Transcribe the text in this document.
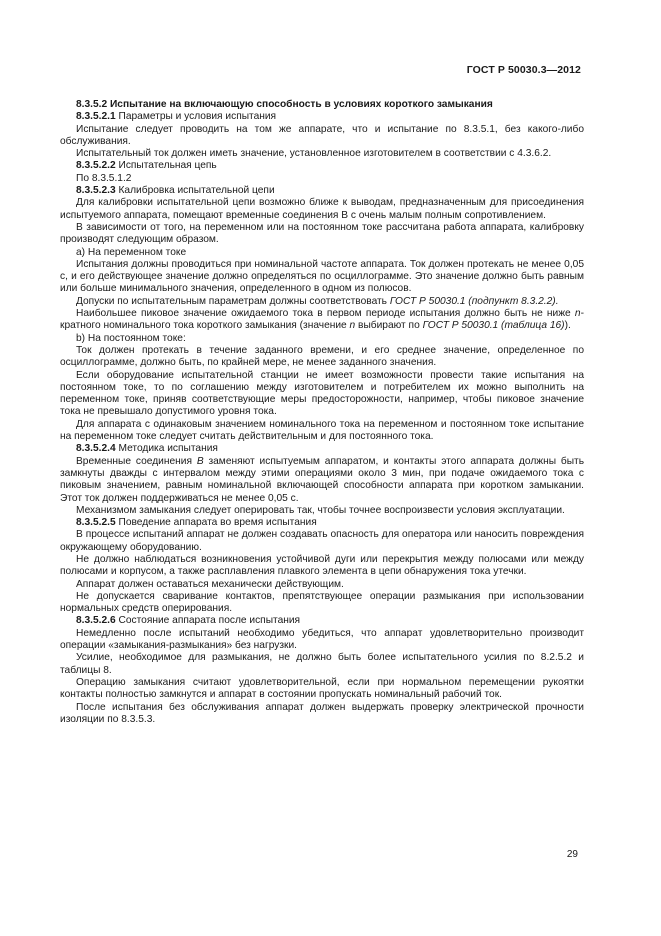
ГОСТ Р 50030.3—2012

8.3.5.2 Испытание на включающую способность в условиях короткого замыкания

8.3.5.2.1 Параметры и условия испытания

Испытание следует проводить на том же аппарате, что и испытание по 8.3.5.1, без какого-либо обслуживания.

Испытательный ток должен иметь значение, установленное изготовителем в соответствии с 4.3.6.2.

8.3.5.2.2 Испытательная цепь

По 8.3.5.1.2

8.3.5.2.3 Калибровка испытательной цепи

Для калибровки испытательной цепи возможно ближе к выводам, предназначенным для присоединения испытуемого аппарата, помещают временные соединения В с очень малым полным сопротивлением.

В зависимости от того, на переменном или на постоянном токе рассчитана работа аппарата, калибровку производят следующим образом.

а) На переменном токе

Испытания должны проводиться при номинальной частоте аппарата. Ток должен протекать не менее 0,05 с, и его действующее значение должно определяться по осциллограмме. Это значение должно быть равным или больше минимального значения, определенного в одном из полюсов.

Допуски по испытательным параметрам должны соответствовать ГОСТ Р 50030.1 (подпункт 8.3.2.2).

Наибольшее пиковое значение ожидаемого тока в первом периоде испытания должно быть не ниже n-кратного номинального тока короткого замыкания (значение n выбирают по ГОСТ Р 50030.1 (таблица 16)).

b) На постоянном токе:

Ток должен протекать в течение заданного времени, и его среднее значение, определенное по осциллограмме, должно быть, по крайней мере, не менее заданного значения.

Если оборудование испытательной станции не имеет возможности провести такие испытания на постоянном токе, то по соглашению между изготовителем и потребителем их можно выполнить на переменном токе, приняв соответствующие меры предосторожности, например, чтобы пиковое значение тока не превышало допустимого уровня тока.

Для аппарата с одинаковым значением номинального тока на переменном и постоянном токе испытание на переменном токе следует считать действительным и для постоянного тока.

8.3.5.2.4 Методика испытания

Временные соединения В заменяют испытуемым аппаратом, и контакты этого аппарата должны быть замкнуты дважды с интервалом между этими операциями около 3 мин, при подаче ожидаемого тока с пиковым значением, равным номинальной включающей способности аппарата при коротком замыкании. Этот ток должен поддерживаться не менее 0,05 с.

Механизмом замыкания следует оперировать так, чтобы точнее воспроизвести условия эксплуатации.

8.3.5.2.5 Поведение аппарата во время испытания

В процессе испытаний аппарат не должен создавать опасность для оператора или наносить повреждения окружающему оборудованию.

Не должно наблюдаться возникновения устойчивой дуги или перекрытия между полюсами или между полюсами и корпусом, а также расплавления плавкого элемента в цепи обнаружения тока утечки.

Аппарат должен оставаться механически действующим.

Не допускается сваривание контактов, препятствующее операции размыкания при использовании нормальных средств оперирования.

8.3.5.2.6 Состояние аппарата после испытания

Немедленно после испытаний необходимо убедиться, что аппарат удовлетворительно производит операции «замыкания-размыкания» без нагрузки.

Усилие, необходимое для размыкания, не должно быть более испытательного усилия по 8.2.5.2 и таблицы 8.

Операцию замыкания считают удовлетворительной, если при нормальном перемещении рукоятки контакты полностью замкнутся и аппарат в состоянии пропускать номинальный рабочий ток.

После испытания без обслуживания аппарат должен выдержать проверку электрической прочности изоляции по 8.3.5.3.

29
